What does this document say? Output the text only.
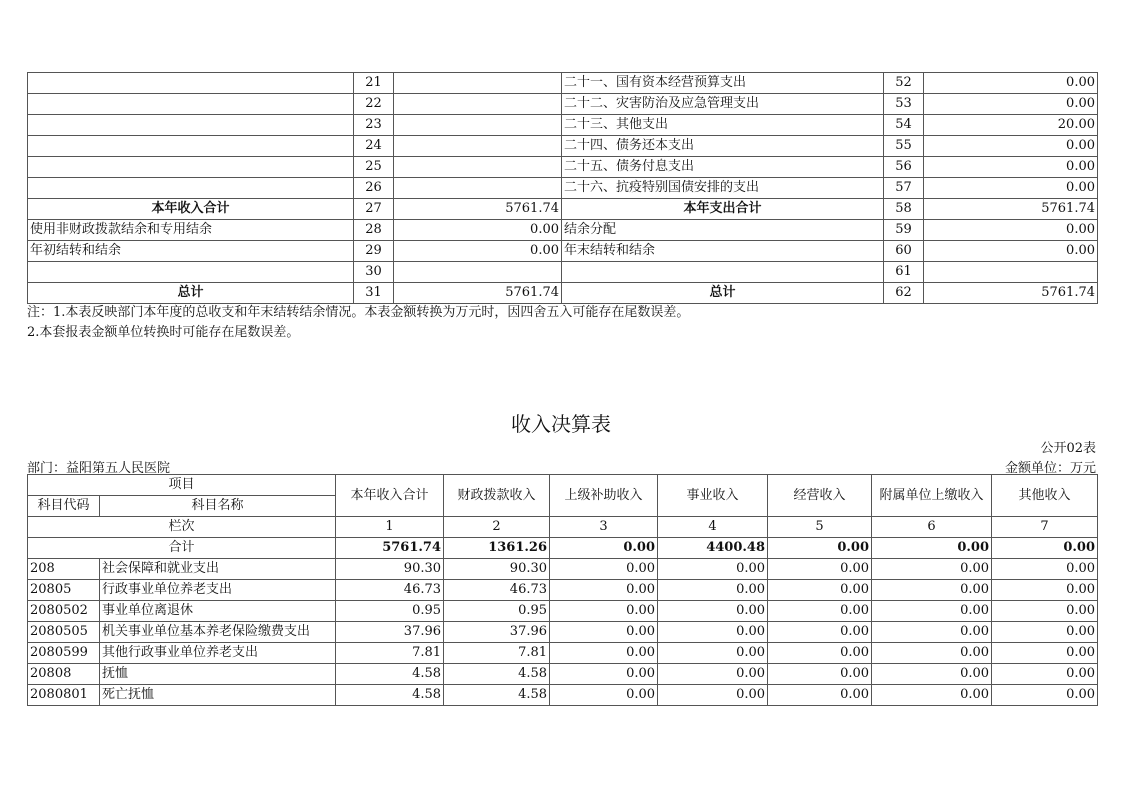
	21		二十一、国有资本经营预算支出	52	0.00
	22		二十二、灾害防治及应急管理支出	53	0.00
	23		二十三、其他支出	54	20.00
	24		二十四、债务还本支出	55	0.00
	25		二十五、债务付息支出	56	0.00
	26		二十六、抗疫特别国债安排的支出	57	0.00
本年收入合计	27	5761.74	本年支出合计	58	5761.74
使用非财政拨款结余和专用结余	28	0.00	结余分配	59	0.00
年初结转和结余	29	0.00	年末结转和结余	60	0.00
	30			61	
总计	31	5761.74	总计	62	5761.74
注：1.本表反映部门本年度的总收支和年末结转结余情况。本表金额转换为万元时，因四舍五入可能存在尾数误差。
2.本套报表金额单位转换时可能存在尾数误差。
收入决算表
公开02表
部门：益阳第五人民医院	金额单位：万元
项目		本年收入合计	财政拨款收入	上级补助收入	事业收入	经营收入	附属单位上缴收入	其他收入
科目代码	科目名称							
栏次		1	2	3	4	5	6	7
合计		5761.74	1361.26	0.00	4400.48	0.00	0.00	0.00
208	社会保障和就业支出	90.30	90.30	0.00	0.00	0.00	0.00	0.00
20805	行政事业单位养老支出	46.73	46.73	0.00	0.00	0.00	0.00	0.00
2080502	事业单位离退休	0.95	0.95	0.00	0.00	0.00	0.00	0.00
2080505	机关事业单位基本养老保险缴费支出	37.96	37.96	0.00	0.00	0.00	0.00	0.00
2080599	其他行政事业单位养老支出	7.81	7.81	0.00	0.00	0.00	0.00	0.00
20808	抚恤	4.58	4.58	0.00	0.00	0.00	0.00	0.00
2080801	死亡抚恤	4.58	4.58	0.00	0.00	0.00	0.00	0.00
